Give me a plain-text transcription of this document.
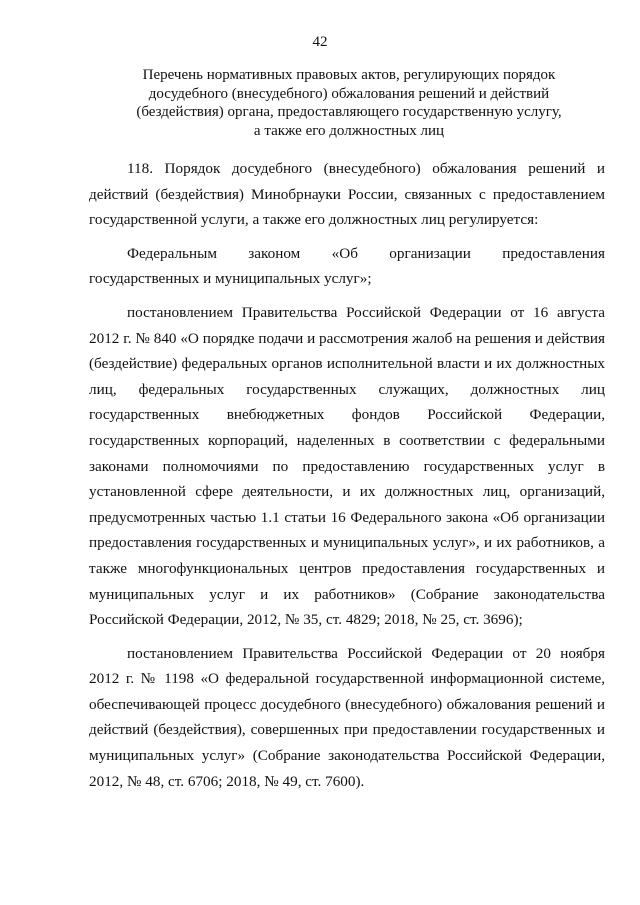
42
Перечень нормативных правовых актов, регулирующих порядок
досудебного (внесудебного) обжалования решений и действий
(бездействия) органа, предоставляющего государственную услугу,
а также его должностных лиц

118. Порядок досудебного (внесудебного) обжалования решений и действий (бездействия) Минобрнауки России, связанных с предоставлением государственной услуги, а также его должностных лиц регулируется:

Федеральным законом «Об организации предоставления государственных и муниципальных услуг»;

постановлением Правительства Российской Федерации от 16 августа 2012 г. № 840 «О порядке подачи и рассмотрения жалоб на решения и действия (бездействие) федеральных органов исполнительной власти и их должностных лиц, федеральных государственных служащих, должностных лиц государственных внебюджетных фондов Российской Федерации, государственных корпораций, наделенных в соответствии с федеральными законами полномочиями по предоставлению государственных услуг в установленной сфере деятельности, и их должностных лиц, организаций, предусмотренных частью 1.1 статьи 16 Федерального закона «Об организации предоставления государственных и муниципальных услуг», и их работников, а также многофункциональных центров предоставления государственных и муниципальных услуг и их работников» (Собрание законодательства Российской Федерации, 2012, № 35, ст. 4829; 2018, № 25, ст. 3696);

постановлением Правительства Российской Федерации от 20 ноября 2012 г. № 1198 «О федеральной государственной информационной системе, обеспечивающей процесс досудебного (внесудебного) обжалования решений и действий (бездействия), совершенных при предоставлении государственных и муниципальных услуг» (Собрание законодательства Российской Федерации, 2012, № 48, ст. 6706; 2018, № 49, ст. 7600).
